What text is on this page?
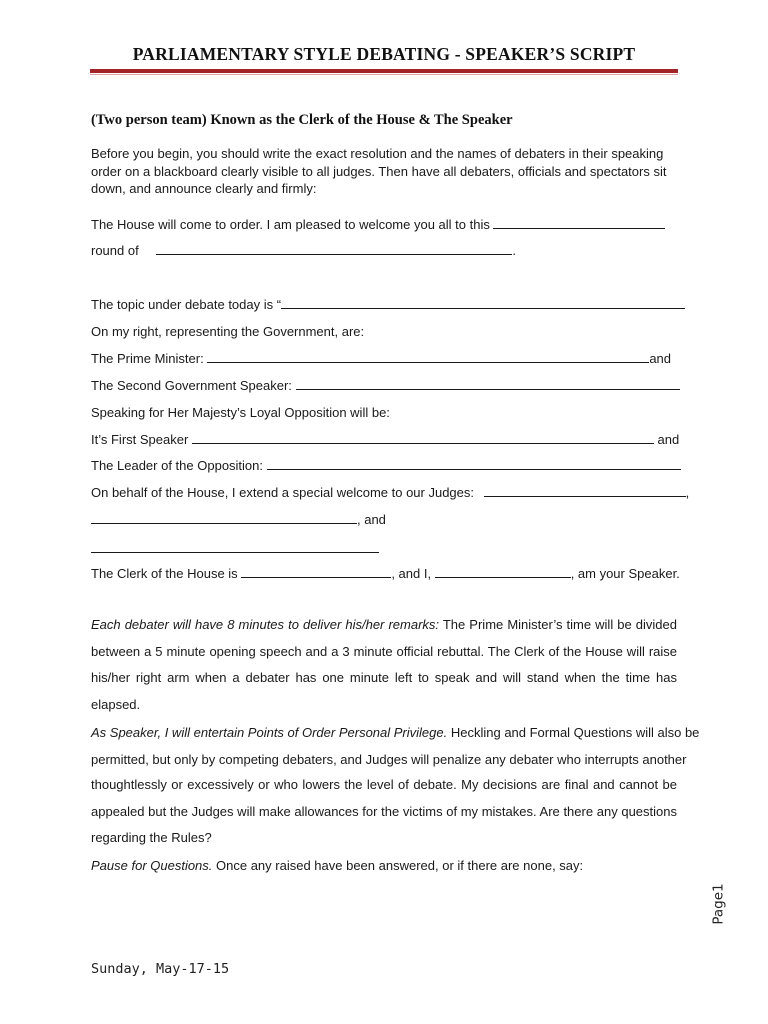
PARLIAMENTARY STYLE DEBATING - SPEAKER’S SCRIPT
(Two person team) Known as the Clerk of the House & The Speaker
Before you begin, you should write the exact resolution and the names of debaters in their speaking order on a blackboard clearly visible to all judges. Then have all debaters, officials and spectators sit down, and announce clearly and firmly:
The House will come to order. I am pleased to welcome you all to this
round of	.
The topic under debate today is “
On my right, representing the Government, are:
The Prime Minister:	and
The Second Government Speaker:
Speaking for Her Majesty’s Loyal Opposition will be:
It’s First Speaker	and
The Leader of the Opposition:
On behalf of the House, I extend a special welcome to our Judges:	,
, and
The Clerk of the House is	, and I,	, am your Speaker.
Each debater will have 8 minutes to deliver his/her remarks: The Prime Minister’s time will be divided between a 5 minute opening speech and a 3 minute official rebuttal. The Clerk of the House will raise his/her right arm when a debater has one minute left to speak and will stand when the time has elapsed.
As Speaker, I will entertain Points of Order Personal Privilege. Heckling and Formal Questions will also be
permitted, but only by competing debaters, and Judges will penalize any debater who interrupts another
thoughtlessly or excessively or who lowers the level of debate. My decisions are final and cannot be appealed but the Judges will make allowances for the victims of my mistakes. Are there any questions regarding the Rules?
Pause for Questions. Once any raised have been answered, or if there are none, say:
Page1
Sunday, May-17-15
